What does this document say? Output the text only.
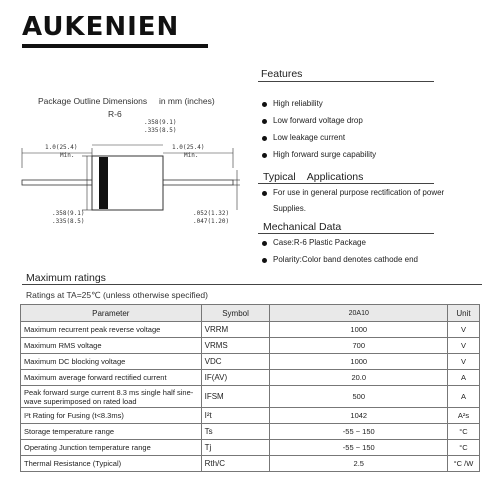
AUKENIEN
Package Outline Dimensions in mm (inches)
R-6
.358(9.1)
.335(8.5)
1.0(25.4)
Min.
1.0(25.4)
Min.
.358(9.1)
.335(8.5)
.052(1.32)
.047(1.20)
Features
High reliability
Low forward voltage drop
Low leakage current
High forward surge capability
Typical    Applications
For use in general purpose rectification of power
Supplies.
Mechanical Data
Case:R-6 Plastic Package
Polarity:Color band denotes cathode end
Maximum ratings
Ratings at TA=25℃ (unless otherwise specified)
Parameter	Symbol	20A10	Unit
Maximum recurrent peak reverse voltage	VRRM	1000	V
Maximum RMS voltage	VRMS	700	V
Maximum DC blocking voltage	VDC	1000	V
Maximum average forward rectified current	IF(AV)	20.0	A
Peak forward surge current 8.3 ms single half sine-wave superimposed on rated load	IFSM	500	A
I²t Rating for Fusing (t<8.3ms)	I²t	1042	A²s
Storage temperature range	Ts	-55 ~ 150	°C
Operating Junction temperature range	Tj	-55 ~ 150	°C
Thermal Resistance (Typical)	Rth/C	2.5	°C /W
